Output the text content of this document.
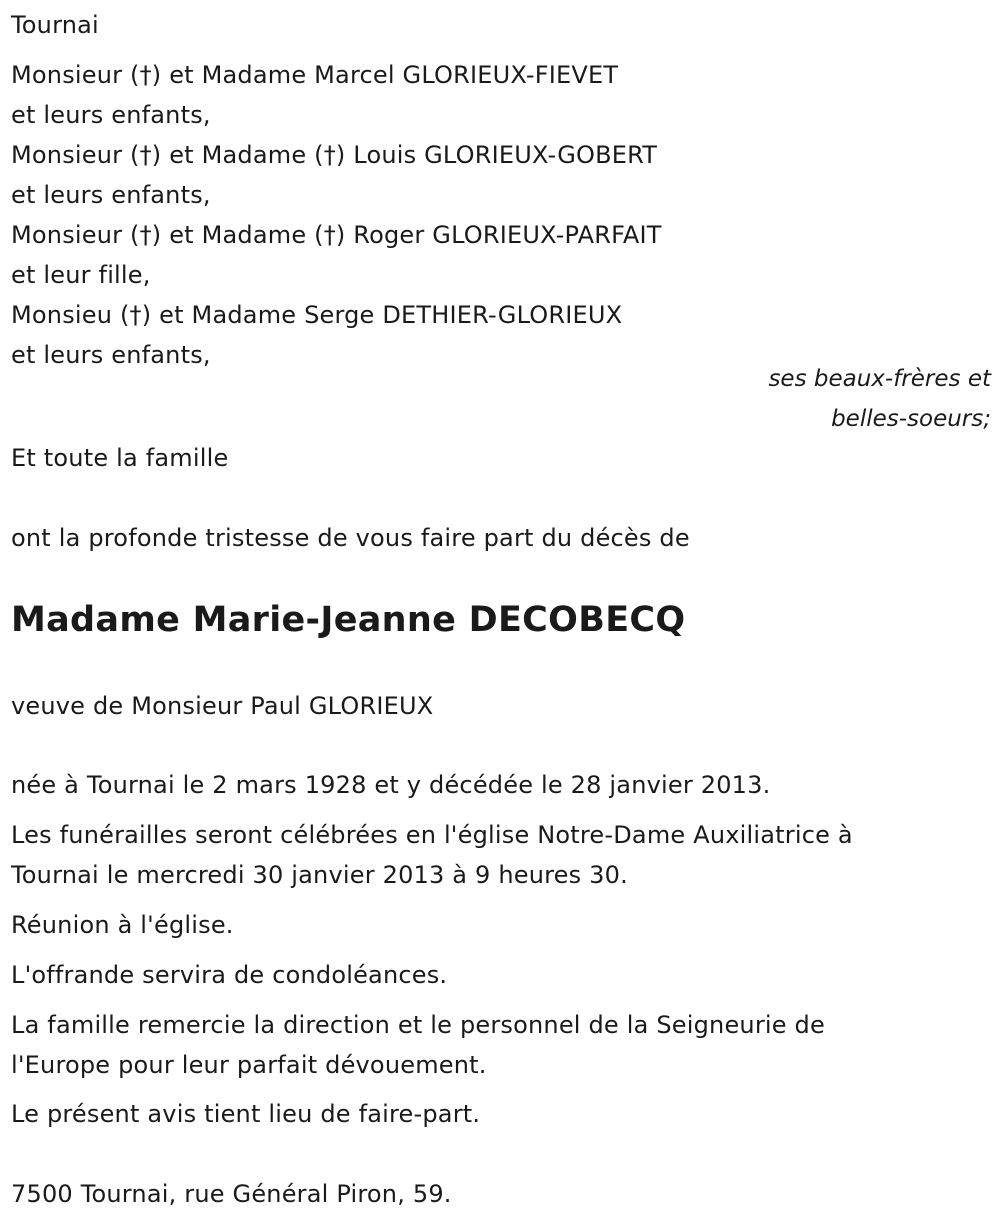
Tournai
Monsieur (†) et Madame Marcel GLORIEUX-FIEVET
et leurs enfants,
Monsieur (†) et Madame (†) Louis GLORIEUX-GOBERT
et leurs enfants,
Monsieur (†) et Madame (†) Roger GLORIEUX-PARFAIT
et leur fille,
Monsieu (†) et Madame Serge DETHIER-GLORIEUX
et leurs enfants,
ses beaux-frères et
belles-soeurs;
Et toute la famille
ont la profonde tristesse de vous faire part du décès de
Madame Marie-Jeanne DECOBECQ
veuve de Monsieur Paul GLORIEUX
née à Tournai le 2 mars 1928 et y décédée le 28 janvier 2013.
Les funérailles seront célébrées en l'église Notre-Dame Auxiliatrice à
Tournai le mercredi 30 janvier 2013 à 9 heures 30.
Réunion à l'église.
L'offrande servira de condoléances.
La famille remercie la direction et le personnel de la Seigneurie de
l'Europe pour leur parfait dévouement.
Le présent avis tient lieu de faire-part.
7500 Tournai, rue Général Piron, 59.
